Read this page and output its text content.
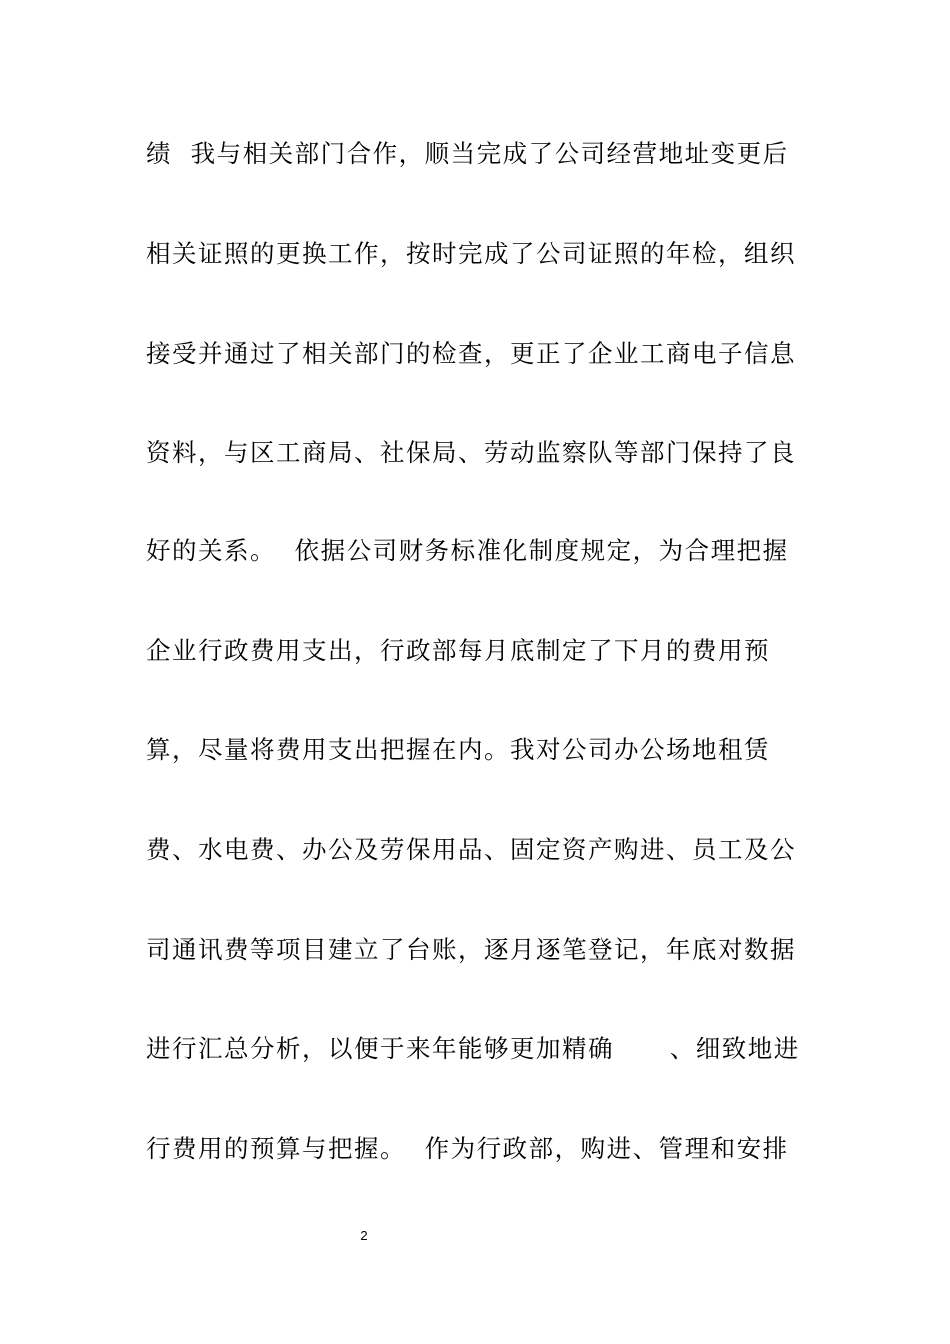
绩  我与相关部门合作，顺当完成了公司经营地址变更后
相关证照的更换工作，按时完成了公司证照的年检，组织
接受并通过了相关部门的检查，更正了企业工商电子信息
资料，与区工商局、社保局、劳动监察队等部门保持了良
好的关系。  依据公司财务标准化制度规定，为合理把握
企业行政费用支出，行政部每月底制定了下月的费用预
算，尽量将费用支出把握在内。我对公司办公场地租赁
费、水电费、办公及劳保用品、固定资产购进、员工及公
司通讯费等项目建立了台账，逐月逐笔登记，年底对数据
进行汇总分析，以便于来年能够更加精确      、细致地进
行费用的预算与把握。  作为行政部，购进、管理和安排
2
